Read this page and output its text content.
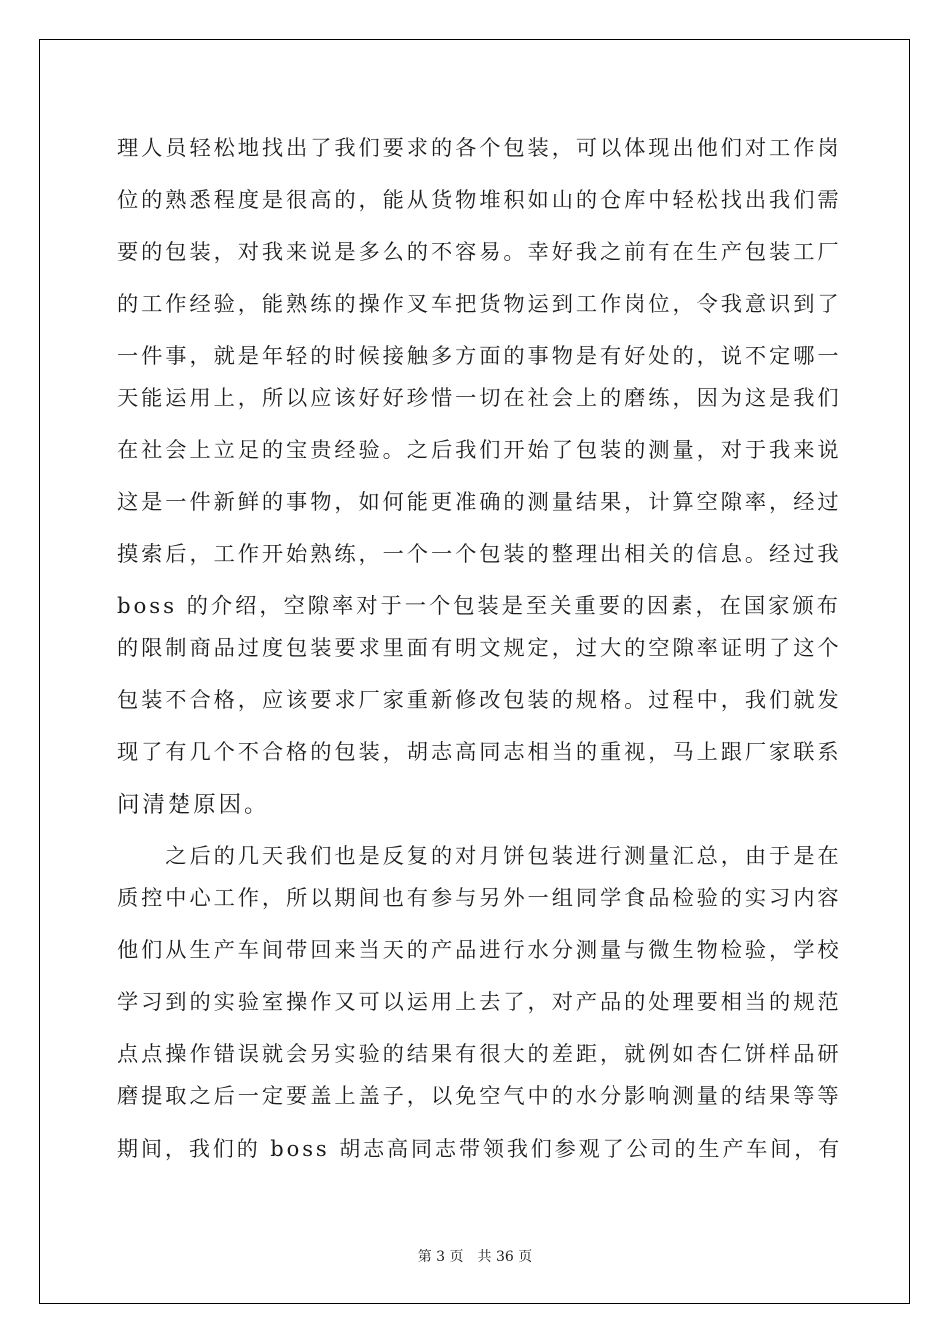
理人员轻松地找出了我们要求的各个包装，可以体现出他们对工作岗
位的熟悉程度是很高的，能从货物堆积如山的仓库中轻松找出我们需
要的包装，对我来说是多么的不容易。幸好我之前有在生产包装工厂
的工作经验，能熟练的操作叉车把货物运到工作岗位，令我意识到了
一件事，就是年轻的时候接触多方面的事物是有好处的，说不定哪一
天能运用上，所以应该好好珍惜一切在社会上的磨练，因为这是我们
在社会上立足的宝贵经验。之后我们开始了包装的测量，对于我来说
这是一件新鲜的事物，如何能更准确的测量结果，计算空隙率，经过
摸索后，工作开始熟练，一个一个包装的整理出相关的信息。经过我
boss 的介绍，空隙率对于一个包装是至关重要的因素，在国家颁布
的限制商品过度包装要求里面有明文规定，过大的空隙率证明了这个
包装不合格，应该要求厂家重新修改包装的规格。过程中，我们就发
现了有几个不合格的包装，胡志高同志相当的重视，马上跟厂家联系
问清楚原因。
　　之后的几天我们也是反复的对月饼包装进行测量汇总，由于是在
质控中心工作，所以期间也有参与另外一组同学食品检验的实习内容
他们从生产车间带回来当天的产品进行水分测量与微生物检验，学校
学习到的实验室操作又可以运用上去了，对产品的处理要相当的规范
点点操作错误就会另实验的结果有很大的差距，就例如杏仁饼样品研
磨提取之后一定要盖上盖子，以免空气中的水分影响测量的结果等等
期间，我们的 boss 胡志高同志带领我们参观了公司的生产车间，有
第 3 页　共 36 页
